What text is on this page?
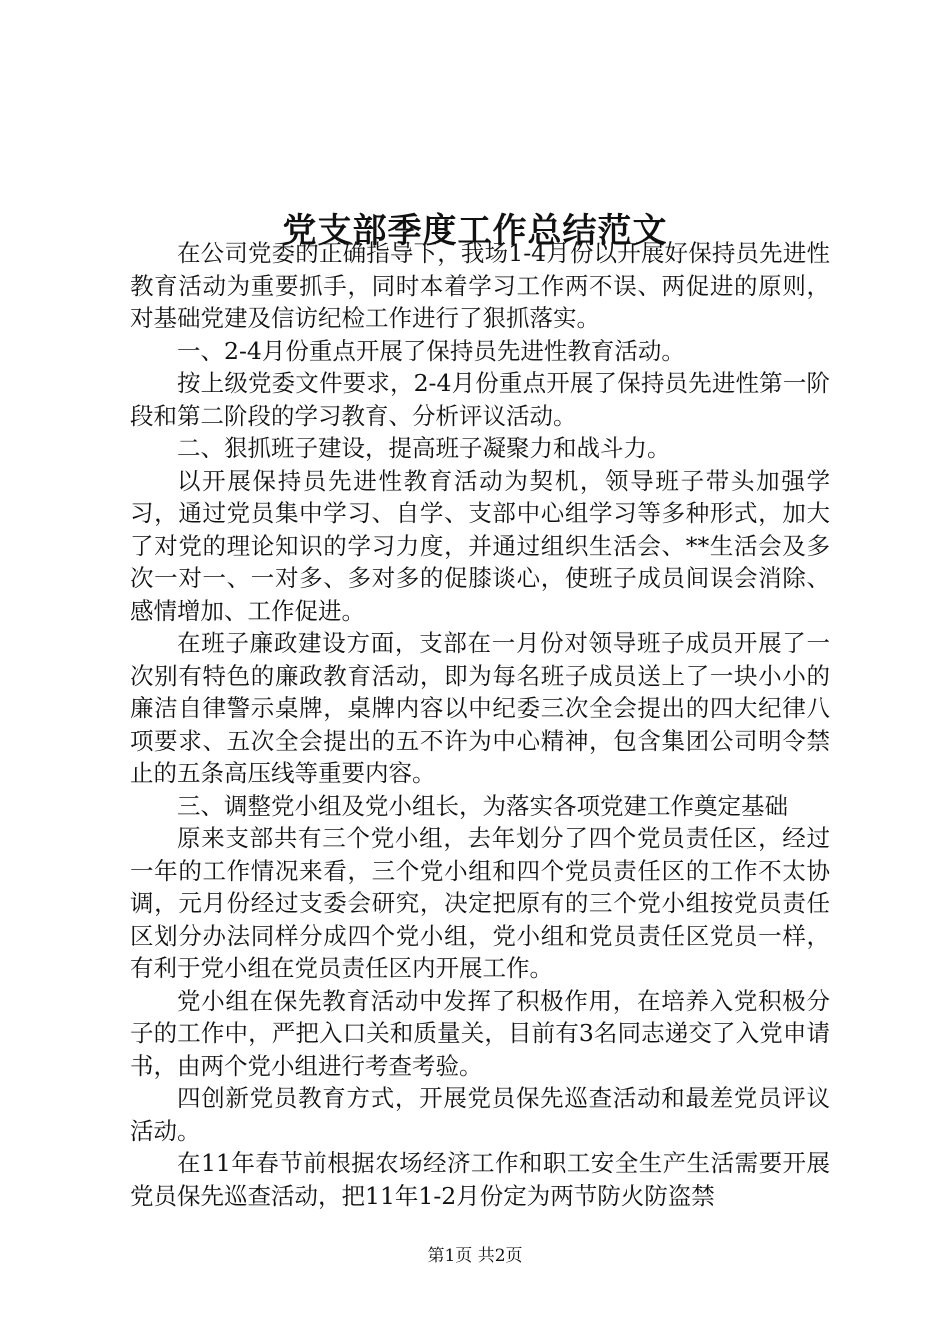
党支部季度工作总结范文

在公司党委的正确指导下，我场1-4月份以开展好保持员先进性教育活动为重要抓手，同时本着学习工作两不误、两促进的原则，对基础党建及信访纪检工作进行了狠抓落实。

一、2-4月份重点开展了保持员先进性教育活动。

按上级党委文件要求，2-4月份重点开展了保持员先进性第一阶段和第二阶段的学习教育、分析评议活动。

二、狠抓班子建设，提高班子凝聚力和战斗力。

以开展保持员先进性教育活动为契机，领导班子带头加强学习，通过党员集中学习、自学、支部中心组学习等多种形式，加大了对党的理论知识的学习力度，并通过组织生活会、**生活会及多次一对一、一对多、多对多的促膝谈心，使班子成员间误会消除、感情增加、工作促进。

在班子廉政建设方面，支部在一月份对领导班子成员开展了一次别有特色的廉政教育活动，即为每名班子成员送上了一块小小的廉洁自律警示桌牌，桌牌内容以中纪委三次全会提出的四大纪律八项要求、五次全会提出的五不许为中心精神，包含集团公司明令禁止的五条高压线等重要内容。

三、调整党小组及党小组长，为落实各项党建工作奠定基础

原来支部共有三个党小组，去年划分了四个党员责任区，经过一年的工作情况来看，三个党小组和四个党员责任区的工作不太协调，元月份经过支委会研究，决定把原有的三个党小组按党员责任区划分办法同样分成四个党小组，党小组和党员责任区党员一样，有利于党小组在党员责任区内开展工作。

党小组在保先教育活动中发挥了积极作用，在培养入党积极分子的工作中，严把入口关和质量关，目前有3名同志递交了入党申请书，由两个党小组进行考查考验。

四创新党员教育方式，开展党员保先巡查活动和最差党员评议活动。

在11年春节前根据农场经济工作和职工安全生产生活需要开展党员保先巡查活动，把11年1-2月份定为两节防火防盗禁

第1页 共2页
